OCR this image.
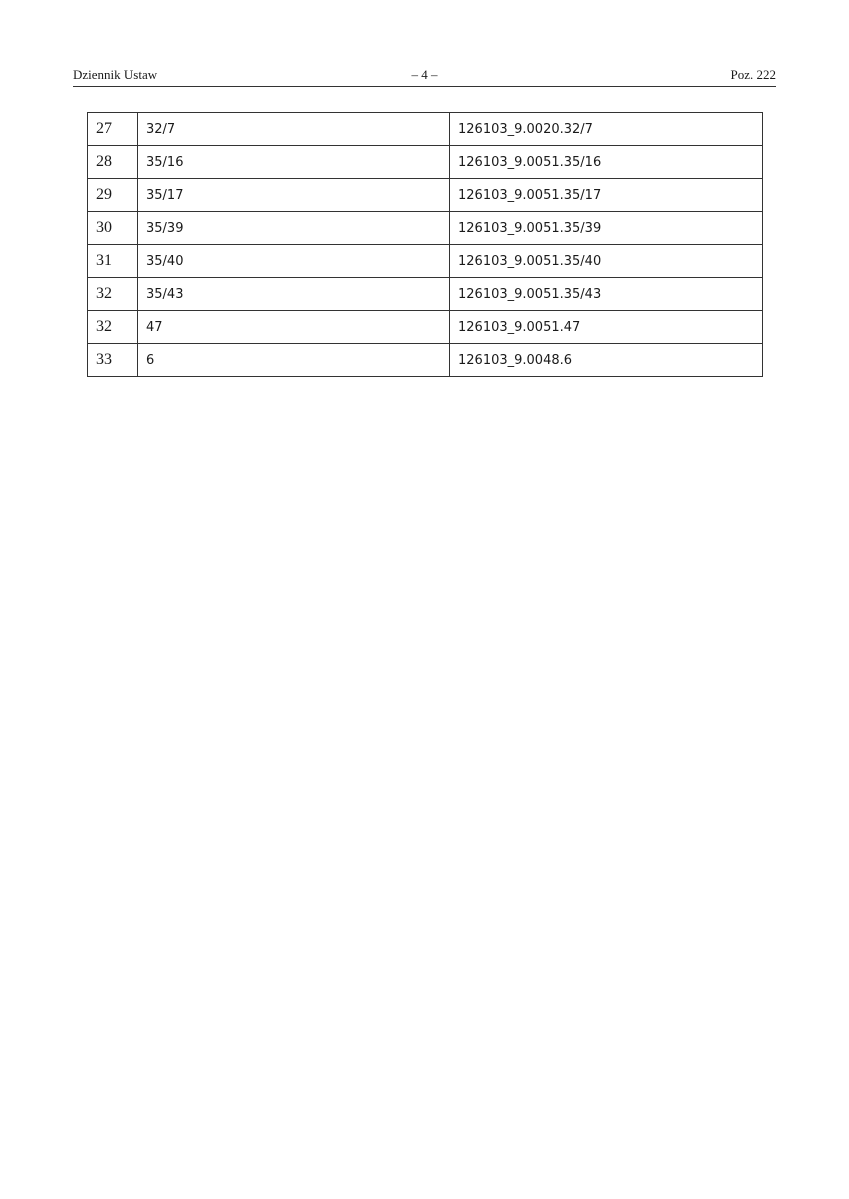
Dziennik Ustaw	– 4 –	Poz. 222
27	32/7	126103_9.0020.32/7
28	35/16	126103_9.0051.35/16
29	35/17	126103_9.0051.35/17
30	35/39	126103_9.0051.35/39
31	35/40	126103_9.0051.35/40
32	35/43	126103_9.0051.35/43
32	47	126103_9.0051.47
33	6	126103_9.0048.6
